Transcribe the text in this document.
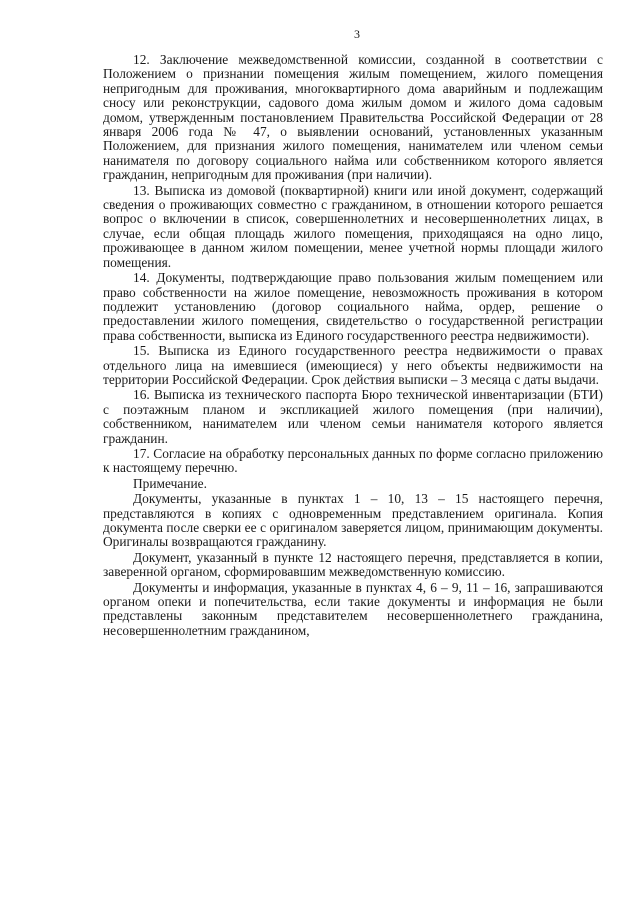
3

12. Заключение межведомственной комиссии, созданной в соответствии с Положением о признании помещения жилым помещением, жилого помещения непригодным для проживания, многоквартирного дома аварийным и подлежащим сносу или реконструкции, садового дома жилым домом и жилого дома садовым домом, утвержденным постановлением Правительства Российской Федерации от 28 января 2006 года № 47, о выявлении оснований, установленных указанным Положением, для признания жилого помещения, нанимателем или членом семьи нанимателя по договору социального найма или собственником которого является гражданин, непригодным для проживания (при наличии).

13. Выписка из домовой (поквартирной) книги или иной документ, содержащий сведения о проживающих совместно с гражданином, в отношении которого решается вопрос о включении в список, совершеннолетних и несовершеннолетних лицах, в случае, если общая площадь жилого помещения, приходящаяся на одно лицо, проживающее в данном жилом помещении, менее учетной нормы площади жилого помещения.

14. Документы, подтверждающие право пользования жилым помещением или право собственности на жилое помещение, невозможность проживания в котором подлежит установлению (договор социального найма, ордер, решение о предоставлении жилого помещения, свидетельство о государственной регистрации права собственности, выписка из Единого государственного реестра недвижимости).

15. Выписка из Единого государственного реестра недвижимости о правах отдельного лица на имевшиеся (имеющиеся) у него объекты недвижимости на территории Российской Федерации. Срок действия выписки – 3 месяца с даты выдачи.

16. Выписка из технического паспорта Бюро технической инвентаризации (БТИ) с поэтажным планом и экспликацией жилого помещения (при наличии), собственником, нанимателем или членом семьи нанимателя которого является гражданин.

17. Согласие на обработку персональных данных по форме согласно приложению к настоящему перечню.

Примечание.

Документы, указанные в пунктах 1 – 10, 13 – 15 настоящего перечня, представляются в копиях с одновременным представлением оригинала. Копия документа после сверки ее с оригиналом заверяется лицом, принимающим документы. Оригиналы возвращаются гражданину.

Документ, указанный в пункте 12 настоящего перечня, представляется в копии, заверенной органом, сформировавшим межведомственную комиссию.

Документы и информация, указанные в пунктах 4, 6 – 9, 11 – 16, запрашиваются органом опеки и попечительства, если такие документы и информация не были представлены законным представителем несовершеннолетнего гражданина, несовершеннолетним гражданином,
